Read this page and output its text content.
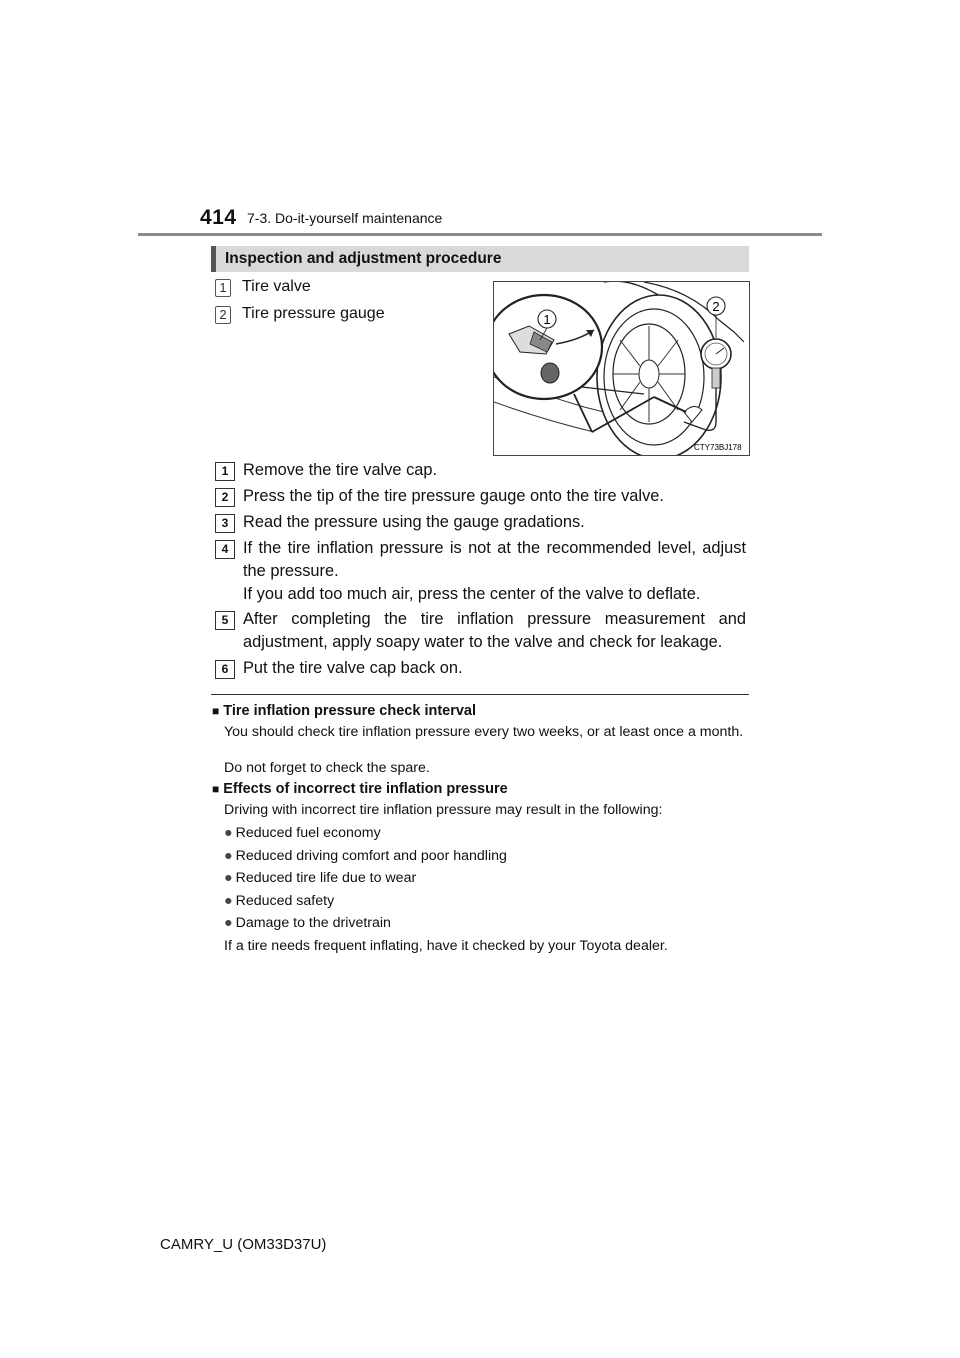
414 7-3. Do-it-yourself maintenance
Inspection and adjustment procedure
1 Tire valve
2 Tire pressure gauge	1
2
CTY73BJ178
1 Remove the tire valve cap.
2 Press the tip of the tire pressure gauge onto the tire valve.
3 Read the pressure using the gauge gradations.
4 If the tire inflation pressure is not at the recommended level, adjust the pressure.
If you add too much air, press the center of the valve to deflate.
5 After completing the tire inflation pressure measurement and adjustment, apply soapy water to the valve and check for leakage.
6 Put the tire valve cap back on.
■ Tire inflation pressure check interval
You should check tire inflation pressure every two weeks, or at least once a month.
Do not forget to check the spare.
■ Effects of incorrect tire inflation pressure
Driving with incorrect tire inflation pressure may result in the following:
● Reduced fuel economy
● Reduced driving comfort and poor handling
● Reduced tire life due to wear
● Reduced safety
● Damage to the drivetrain
If a tire needs frequent inflating, have it checked by your Toyota dealer.
CAMRY_U (OM33D37U)
